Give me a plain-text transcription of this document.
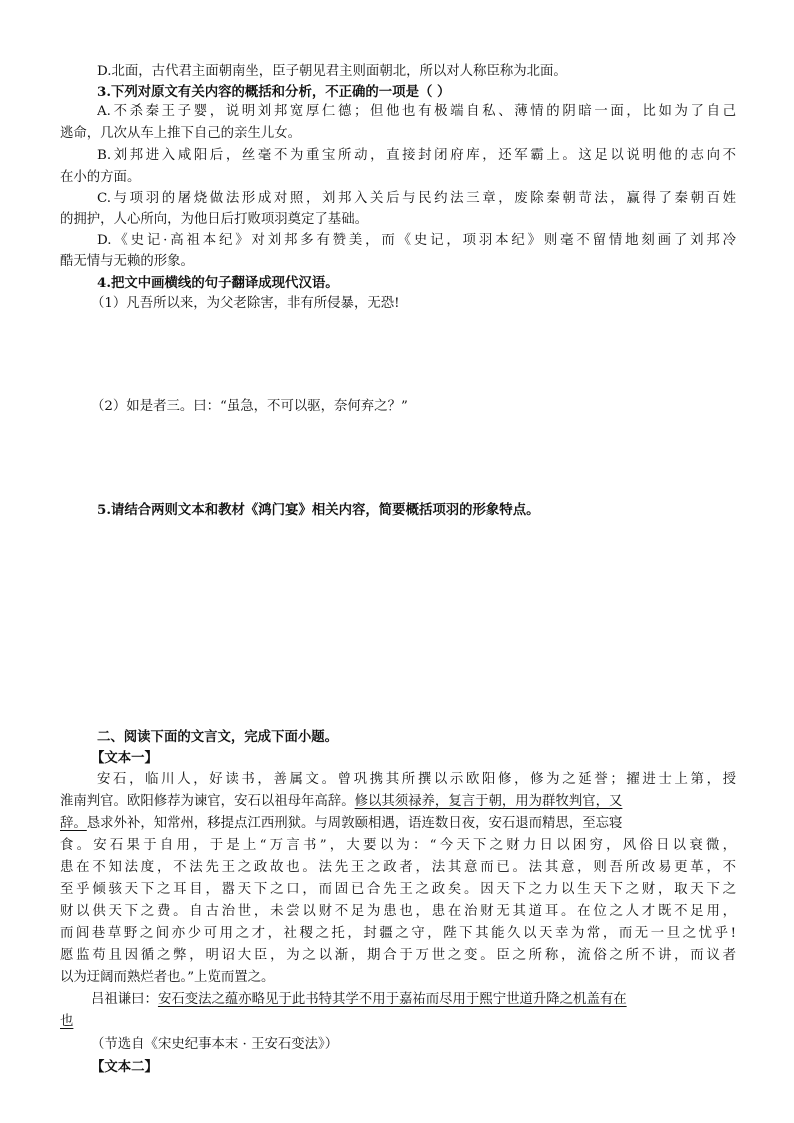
D.北面，古代君主面朝南坐，臣子朝见君主则面朝北，所以对人称臣称为北面。
3.下列对原文有关内容的概括和分析，不正确的一项是（ ）
A.不杀秦王子婴，说明刘邦宽厚仁德；但他也有极端自私、薄情的阴暗一面，比如为了自己
逃命，几次从车上推下自己的亲生儿女。
B.刘邦进入咸阳后，丝毫不为重宝所动，直接封闭府库，还军霸上。这足以说明他的志向不
在小的方面。
C.与项羽的屠烧做法形成对照，刘邦入关后与民约法三章，废除秦朝苛法，赢得了秦朝百姓
的拥护，人心所向，为他日后打败项羽奠定了基础。
D.《史记·高祖本纪》对刘邦多有赞美，而《史记，项羽本纪》则毫不留情地刻画了刘邦冷
酷无情与无赖的形象。
4.把文中画横线的句子翻译成现代汉语。
（1）凡吾所以来，为父老除害，非有所侵暴，无恐!
（2）如是者三。曰：“虽急，不可以驱，奈何弃之？”
5.请结合两则文本和教材《鸿门宴》相关内容，简要概括项羽的形象特点。
二、阅读下面的文言文，完成下面小题。
【文本一】
安石，临川人，好读书，善属文。曾巩携其所撰以示欧阳修，修为之延誉；擢进士上第，授
淮南判官。欧阳修荐为谏官，安石以祖母年高辞。修以其须禄养，复言于朝，用为群牧判官，又
辞。恳求外补，知常州，移提点江西刑狱。与周敦颐相遇，语连数日夜，安石退而精思，至忘寝
食。安石果于自用，于是上“万言书”，大要以为：“今天下之财力日以困穷，风俗日以衰微，
患在不知法度，不法先王之政故也。法先王之政者，法其意而已。法其意，则吾所改易更革，不
至乎倾骇天下之耳目，嚣天下之口，而固已合先王之政矣。因天下之力以生天下之财，取天下之
财以供天下之费。自古治世，未尝以财不足为患也，患在治财无其道耳。在位之人才既不足用，
而闾巷草野之间亦少可用之才，社稷之托，封疆之守，陛下其能久以天幸为常，而无一旦之忧乎!
愿监苟且因循之弊，明诏大臣，为之以渐，期合于万世之变。臣之所称，流俗之所不讲，而议者
以为迂阔而熟烂者也。”上览而置之。
吕祖谦曰：安石变法之蕴亦略见于此书特其学不用于嘉祐而尽用于熙宁世道升降之机盖有在
也
（节选自《宋史纪事本末 · 王安石变法》）
【文本二】
